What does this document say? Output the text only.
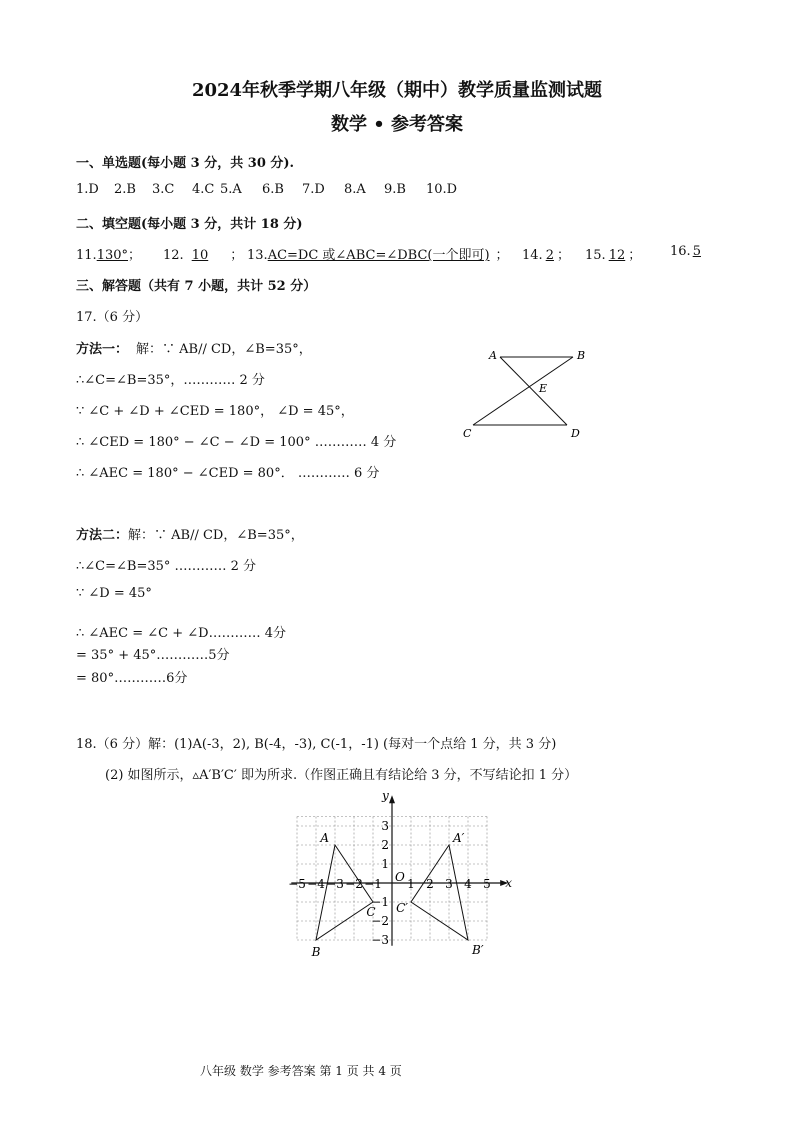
2024年秋季学期八年级（期中）教学质量监测试题
数学 • 参考答案
一、单选题(每小题 3 分，共 30 分).
1.D 2.B 3.C 4.C 5.A 6.B 7.D 8.A 9.B 10.D
二、填空题(每小题 3 分，共计 18 分)
11.130°； 12. 10 ； 13.AC=DC 或∠ABC=∠DBC(一个即可) ； 14. 2 ； 15. 12 ； 16. 5
三、解答题（共有 7 小题，共计 52 分）
17.（6 分）
方法一： 解：∵ AB// CD，∠B=35°，
∴∠C=∠B=35°，………… 2 分
∵ ∠C + ∠D + ∠CED = 180°， ∠D = 45°，
∴ ∠CED = 180° − ∠C − ∠D = 100° ………… 4 分
∴ ∠AEC = 180° − ∠CED = 80°． ………… 6 分
A	B
C	D
E
方法二：解：∵ AB// CD，∠B=35°，
∴∠C=∠B=35° ………… 2 分
∵ ∠D = 45°
∴ ∠AEC = ∠C + ∠D………… 4分
= 35° + 45°…………5分
= 80°…………6分
18.（6 分）解：(1)A(-3，2), B(-4，-3), C(-1，-1) (每对一个点给 1 分，共 3 分)
(2) 如图所示，▵A′B′C′ 即为所求.（作图正确且有结论给 3 分，不写结论扣 1 分）
−5 −4 −3 −2 −1 1 2 3 4 5
3
2
1
−1
−2
−3
x
y
O
A
B
C
A′
B′
C′
八年级 数学 参考答案 第 1 页 共 4 页
